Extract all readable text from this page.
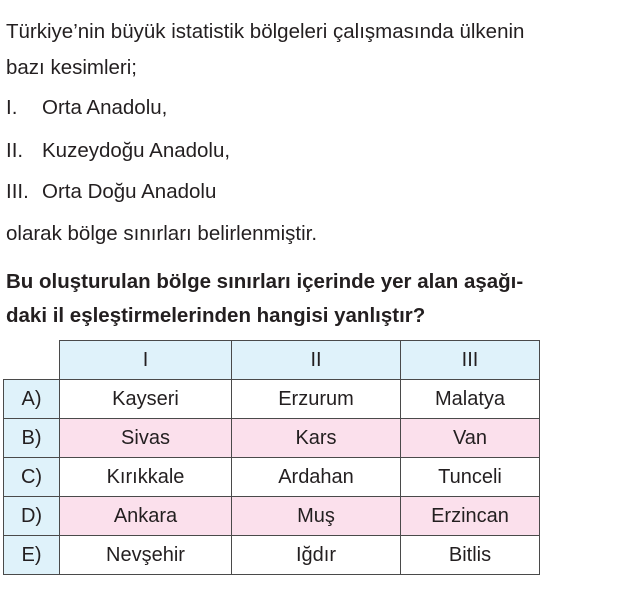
Türkiye’nin büyük istatistik bölgeleri çalışmasında ülkenin
bazı kesimleri;
I. Orta Anadolu,
II. Kuzeydoğu Anadolu,
III. Orta Doğu Anadolu
olarak bölge sınırları belirlenmiştir.
Bu oluşturulan bölge sınırları içerinde yer alan aşağı-
daki il eşleştirmelerinden hangisi yanlıştır?
	I	II	III
A)	Kayseri	Erzurum	Malatya
B)	Sivas	Kars	Van
C)	Kırıkkale	Ardahan	Tunceli
D)	Ankara	Muş	Erzincan
E)	Nevşehir	Iğdır	Bitlis
